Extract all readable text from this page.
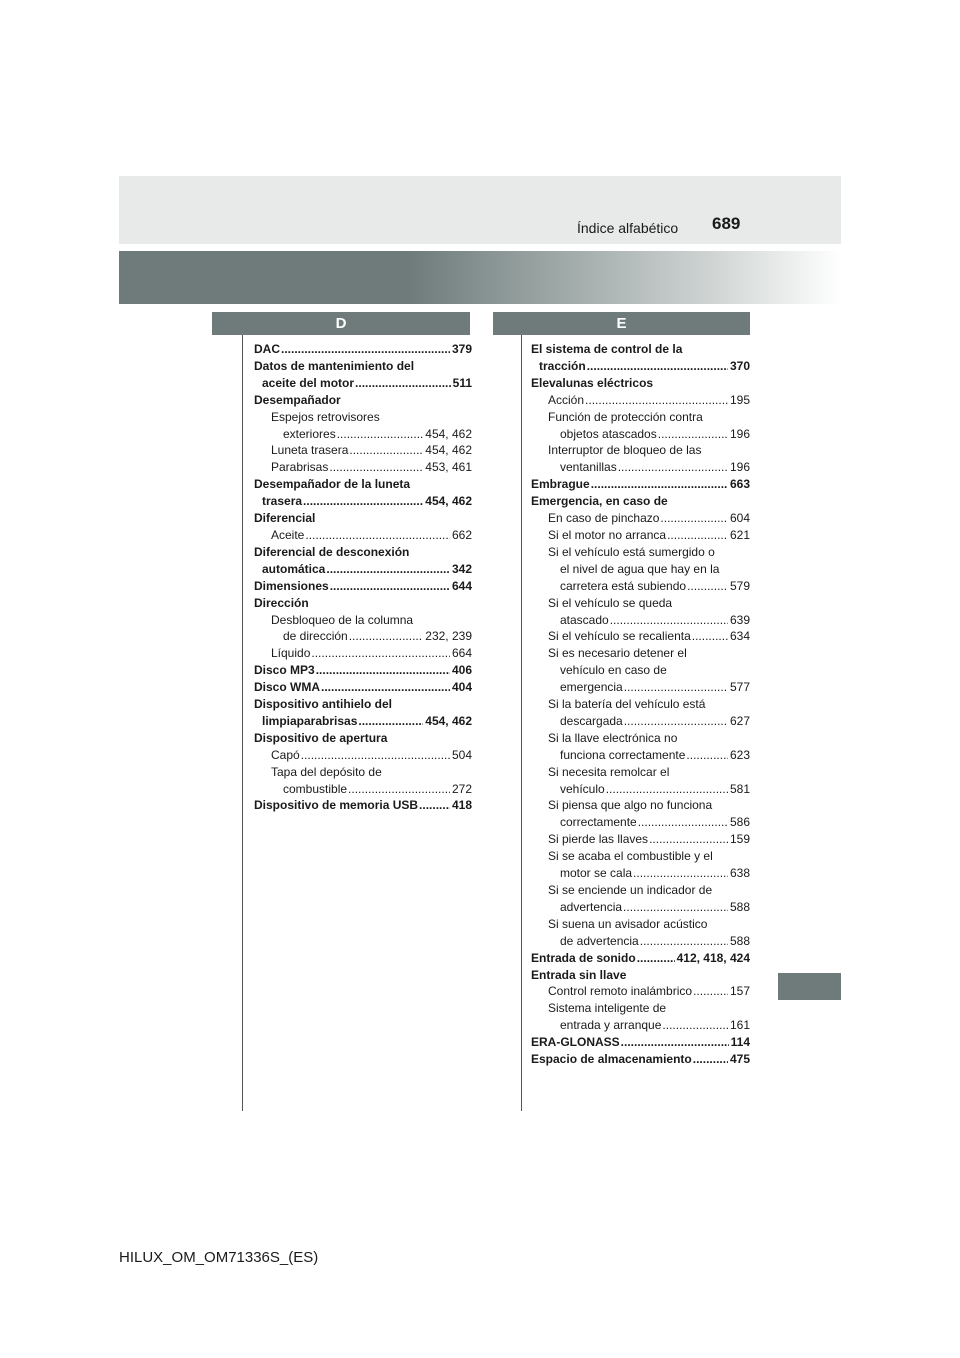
689
Índice alfabético
D	E
DAC .....	379
Datos de mantenimiento del
aceite del motor .....	511
Desempañador
Espejos retrovisores
exteriores .....	454, 462
Luneta trasera .....	454, 462
Parabrisas .....	453, 461
Desempañador de la luneta
trasera .....	454, 462
Diferencial
Aceite .....	662
Diferencial de desconexión
automática .....	342
Dimensiones .....	644
Dirección
Desbloqueo de la columna
de dirección .....	232, 239
Líquido .....	664
Disco MP3 .....	406
Disco WMA .....	404
Dispositivo antihielo del
limpiaparabrisas .....	454, 462
Dispositivo de apertura
Capó .....	504
Tapa del depósito de
combustible .....	272
Dispositivo de memoria USB .....	418
El sistema de control de la
tracción .....	370
Elevalunas eléctricos
Acción .....	195
Función de protección contra
objetos atascados .....	196
Interruptor de bloqueo de las
ventanillas .....	196
Embrague .....	663
Emergencia, en caso de
En caso de pinchazo .....	604
Si el motor no arranca .....	621
Si el vehículo está sumergido o
el nivel de agua que hay en la
carretera está subiendo .....	579
Si el vehículo se queda
atascado .....	639
Si el vehículo se recalienta .....	634
Si es necesario detener el
vehículo en caso de
emergencia .....	577
Si la batería del vehículo está
descargada .....	627
Si la llave electrónica no
funciona correctamente .....	623
Si necesita remolcar el
vehículo .....	581
Si piensa que algo no funciona
correctamente .....	586
Si pierde las llaves .....	159
Si se acaba el combustible y el
motor se cala .....	638
Si se enciende un indicador de
advertencia .....	588
Si suena un avisador acústico
de advertencia .....	588
Entrada de sonido .....	412, 418, 424
Entrada sin llave
Control remoto inalámbrico .....	157
Sistema inteligente de
entrada y arranque .....	161
ERA-GLONASS .....	114
Espacio de almacenamiento .....	475
HILUX_OM_OM71336S_(ES)
